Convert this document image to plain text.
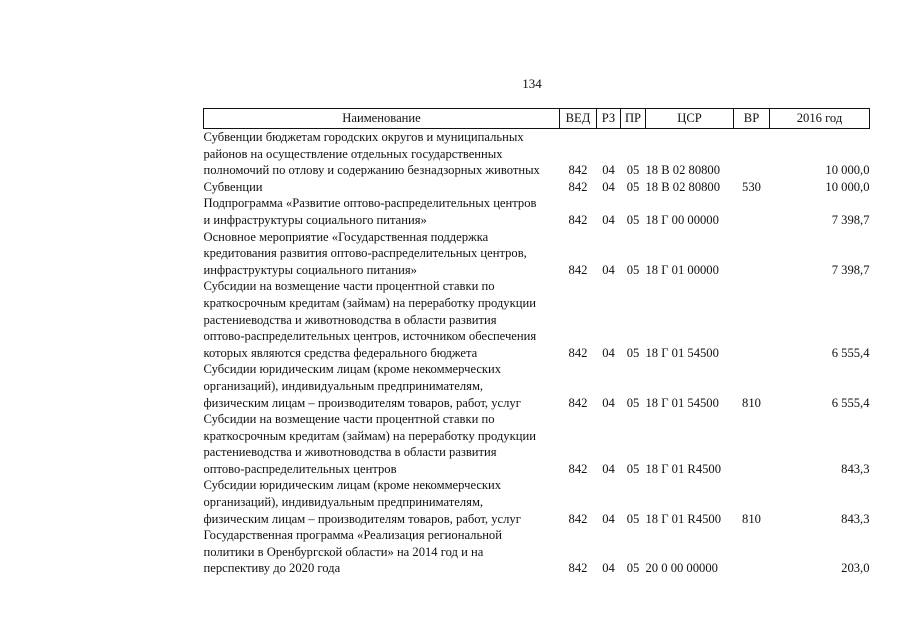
134
Наименование	ВЕД	РЗ	ПР	ЦСР	ВР	2016 год

Субвенции бюджетам городских округов и муниципальных
районов на осуществление отдельных государственных
полномочий по отлову и содержанию безнадзорных животных	842	04	05	18 В 02 80800		10 000,0

Субвенции	842	04	05	18 В 02 80800	530	10 000,0

Подпрограмма «Развитие оптово-распределительных центров
и инфраструктуры социального питания»	842	04	05	18 Г 00 00000		7 398,7

Основное мероприятие «Государственная поддержка
кредитования развития оптово-распределительных центров,
инфраструктуры социального питания»	842	04	05	18 Г 01 00000		7 398,7

Субсидии на возмещение части процентной ставки по
краткосрочным кредитам (займам) на переработку продукции
растениеводства и животноводства в области развития
оптово-распределительных центров, источником обеспечения
которых являются средства федерального бюджета	842	04	05	18 Г 01 54500		6 555,4

Субсидии юридическим лицам (кроме некоммерческих
организаций), индивидуальным предпринимателям,
физическим лицам – производителям товаров, работ, услуг	842	04	05	18 Г 01 54500	810	6 555,4

Субсидии на возмещение части процентной ставки по
краткосрочным кредитам (займам) на переработку продукции
растениеводства и животноводства в области развития
оптово-распределительных центров	842	04	05	18 Г 01 R4500		843,3

Субсидии юридическим лицам (кроме некоммерческих
организаций), индивидуальным предпринимателям,
физическим лицам – производителям товаров, работ, услуг	842	04	05	18 Г 01 R4500	810	843,3

Государственная программа «Реализация региональной
политики в Оренбургской области» на 2014 год и на
перспективу до 2020 года	842	04	05	20 0 00 00000		203,0
